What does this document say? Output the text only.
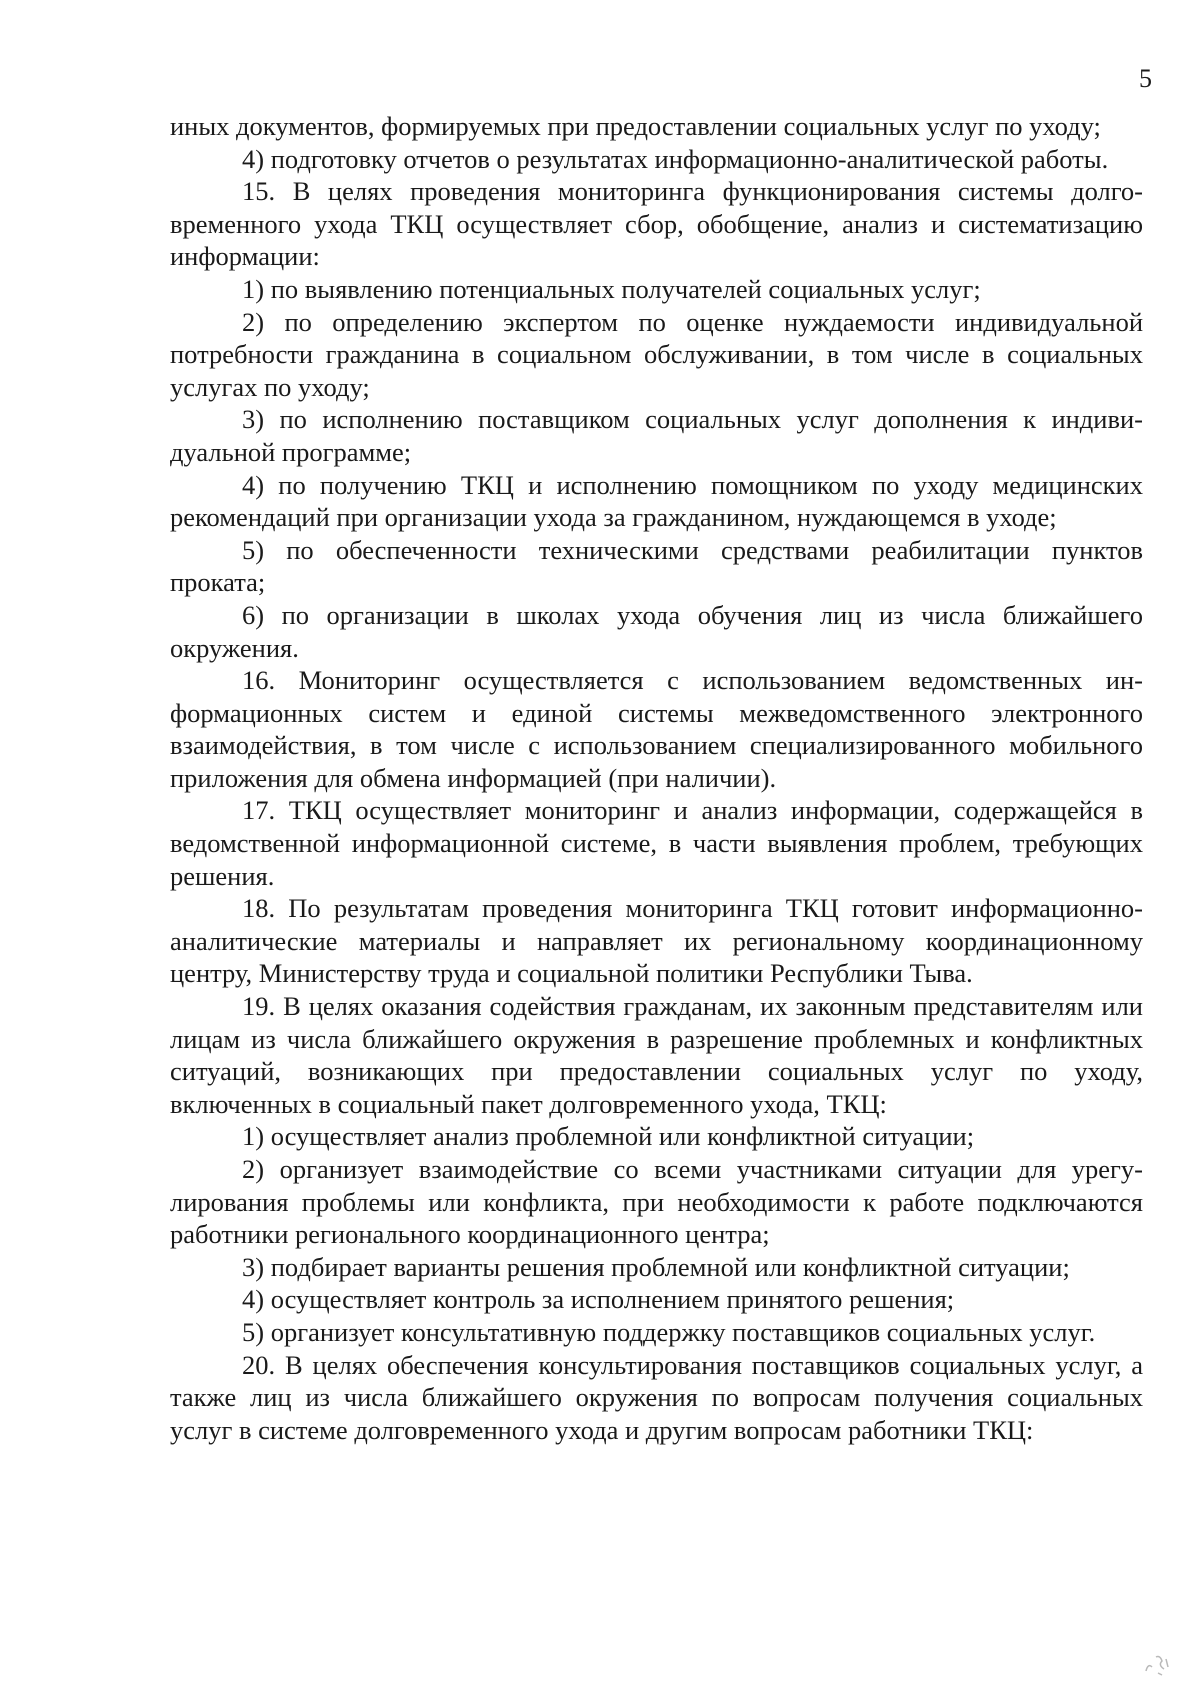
5

иных документов, формируемых при предоставлении социальных услуг по уходу;

4) подготовку отчетов о результатах информационно-аналитической работы.

15. В целях проведения мониторинга функционирования системы долговременного ухода ТКЦ осуществляет сбор, обобщение, анализ и систематизацию информации:

1) по выявлению потенциальных получателей социальных услуг;

2) по определению экспертом по оценке нуждаемости индивидуальной потребности гражданина в социальном обслуживании, в том числе в социальных услугах по уходу;

3) по исполнению поставщиком социальных услуг дополнения к индивидуальной программе;

4) по получению ТКЦ и исполнению помощником по уходу медицинских рекомендаций при организации ухода за гражданином, нуждающемся в уходе;

5) по обеспеченности техническими средствами реабилитации пунктов проката;

6) по организации в школах ухода обучения лиц из числа ближайшего окружения.

16. Мониторинг осуществляется с использованием ведомственных информационных систем и единой системы межведомственного электронного взаимодействия, в том числе с использованием специализированного мобильного приложения для обмена информацией (при наличии).

17. ТКЦ осуществляет мониторинг и анализ информации, содержащейся в ведомственной информационной системе, в части выявления проблем, требующих решения.

18. По результатам проведения мониторинга ТКЦ готовит информационно-аналитические материалы и направляет их региональному координационному центру, Министерству труда и социальной политики Республики Тыва.

19. В целях оказания содействия гражданам, их законным представителям или лицам из числа ближайшего окружения в разрешение проблемных и конфликтных ситуаций, возникающих при предоставлении социальных услуг по уходу, включенных в социальный пакет долговременного ухода, ТКЦ:

1) осуществляет анализ проблемной или конфликтной ситуации;

2) организует взаимодействие со всеми участниками ситуации для урегулирования проблемы или конфликта, при необходимости к работе подключаются работники регионального координационного центра;

3) подбирает варианты решения проблемной или конфликтной ситуации;

4) осуществляет контроль за исполнением принятого решения;

5) организует консультативную поддержку поставщиков социальных услуг.

20. В целях обеспечения консультирования поставщиков социальных услуг, а также лиц из числа ближайшего окружения по вопросам получения социальных услуг в системе долговременного ухода и другим вопросам работники ТКЦ:
